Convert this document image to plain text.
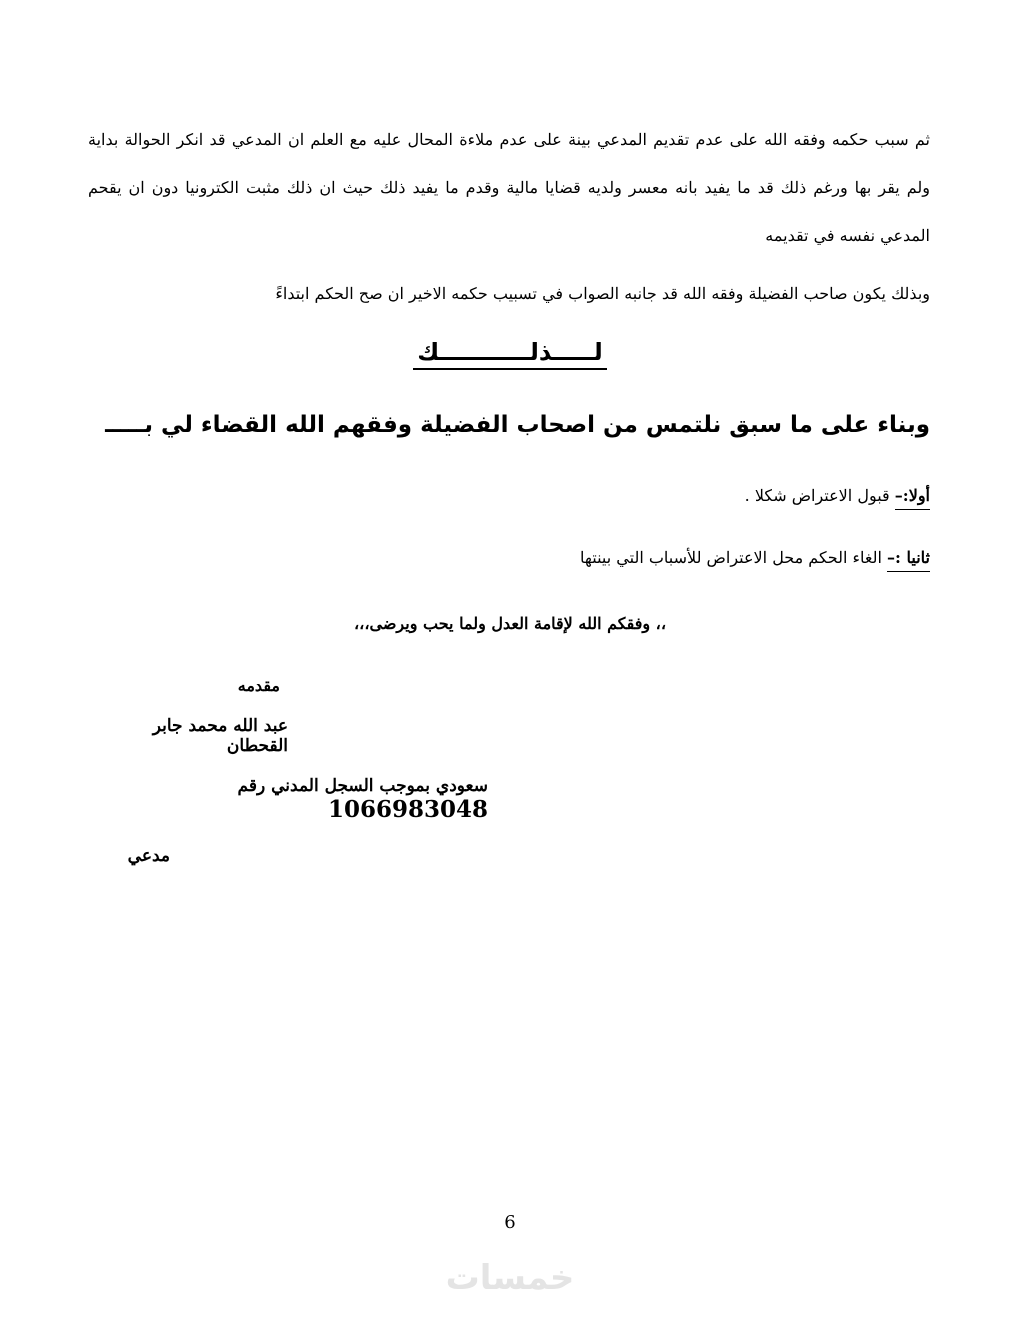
ثم سبب حكمه وفقه الله على عدم تقديم المدعي بينة على عدم ملاءة المحال عليه مع العلم ان المدعي قد انكر الحوالة بداية ولم يقر بها ورغم ذلك قد ما يفيد بانه معسر ولديه قضايا مالية وقدم ما يفيد ذلك حيث ان ذلك مثبت الكترونيا دون ان يقحم المدعي نفسه في تقديمه

وبذلك يكون صاحب الفضيلة وفقه الله قد جانبه الصواب في تسبيب حكمه الاخير ان صح الحكم ابتداءً

لـــــذلـــــــــــك
وبناء على ما سبق نلتمس من اصحاب الفضيلة وفقهم الله القضاء لي بـــــ
أولا:– قبول الاعتراض شكلا .
ثانيا :– الغاء الحكم محل الاعتراض للأسباب التي بينتها
،، وفقكم الله لإقامة العدل ولما يحب ويرضى،،،
مقدمه
عبد الله محمد جابر القحطان
سعودي بموجب السجل المدني رقم 1066983048
مدعي
6
خمسات
